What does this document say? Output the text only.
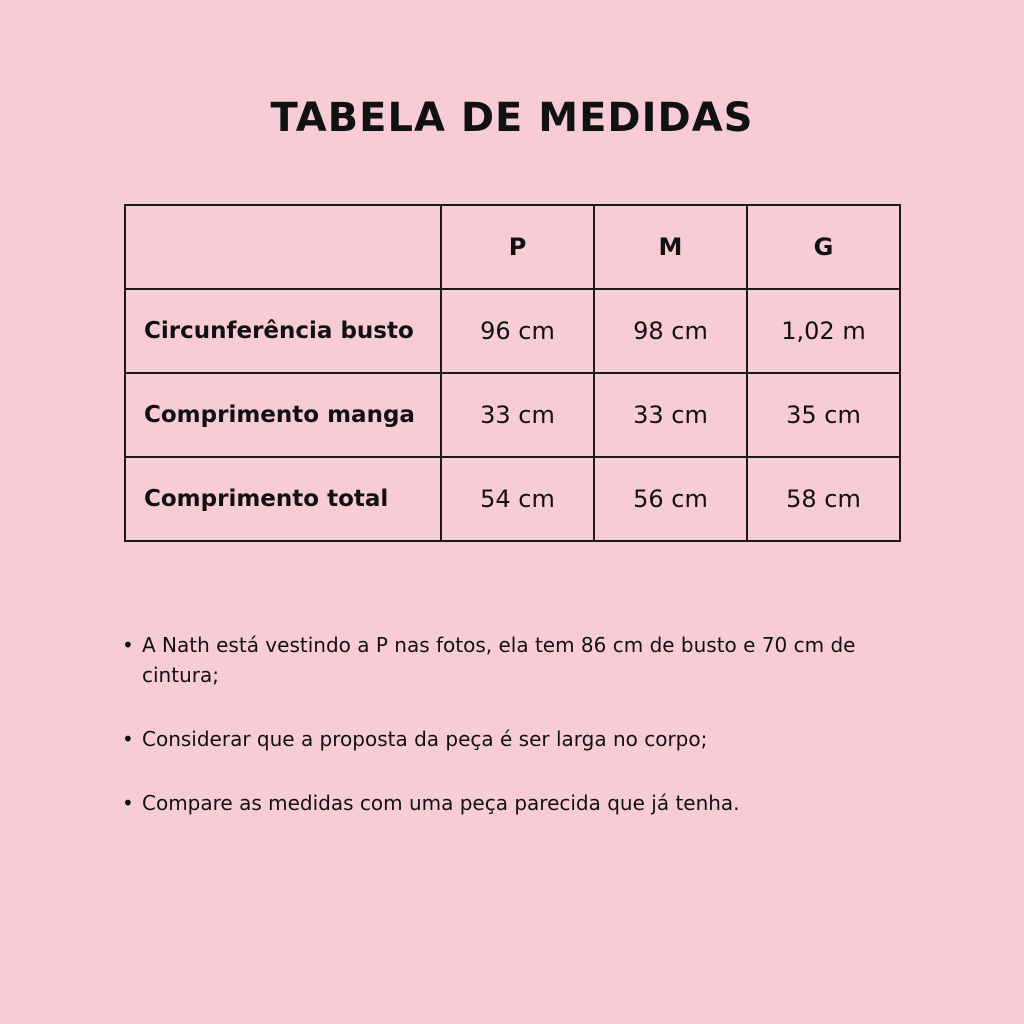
TABELA DE MEDIDAS
	P	M	G
Circunferência busto	96 cm	98 cm	1,02 m
Comprimento manga	33 cm	33 cm	35 cm
Comprimento total	54 cm	56 cm	58 cm
• A Nath está vestindo a P nas fotos, ela tem 86 cm de busto e 70 cm de cintura;
• Considerar que a proposta da peça é ser larga no corpo;
• Compare as medidas com uma peça parecida que já tenha.
